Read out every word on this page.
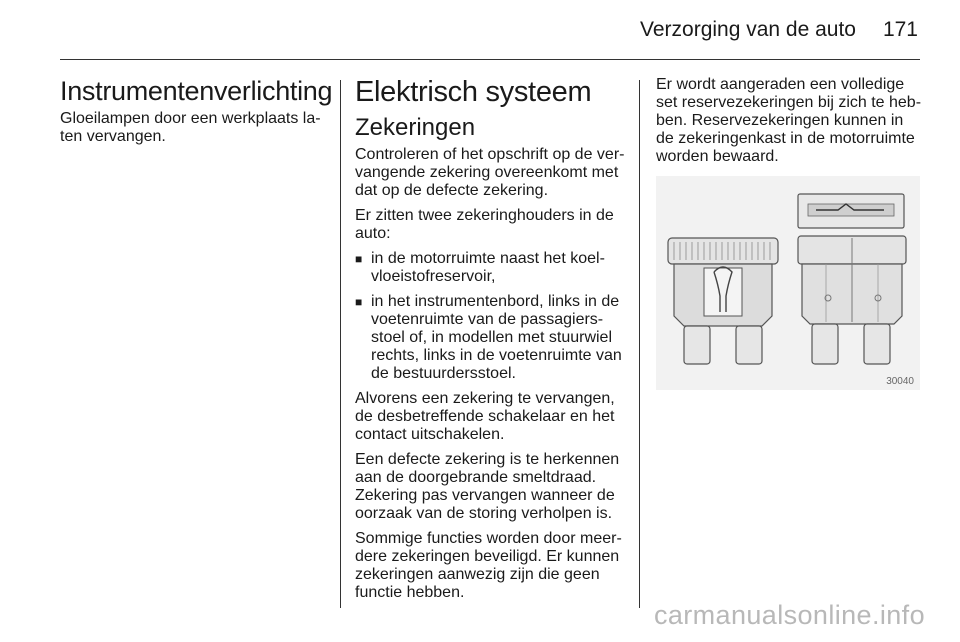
Verzorging van de auto	171
Instrumentenverlichting

Gloeilampen door een werkplaats la- ten vervangen.

Elektrisch systeem
Zekeringen

Controleren of het opschrift op de ver- vangende zekering overeenkomt met dat op de defecte zekering.

Er zitten twee zekeringhouders in de auto:

■ in de motorruimte naast het koel- vloeistofreservoir,
■ in het instrumentenbord, links in de voetenruimte van de passagiers- stoel of, in modellen met stuurwiel rechts, links in de voetenruimte van de bestuurdersstoel.

Alvorens een zekering te vervangen, de desbetreffende schakelaar en het contact uitschakelen.

Een defecte zekering is te herkennen aan de doorgebrande smeltdraad. Zekering pas vervangen wanneer de oorzaak van de storing verholpen is.

Sommige functies worden door meer- dere zekeringen beveiligd. Er kunnen zekeringen aanwezig zijn die geen functie hebben.

Er wordt aangeraden een volledige set reservezekeringen bij zich te heb- ben. Reservezekeringen kunnen in de zekeringenkast in de motorruimte worden bewaard.

30040
carmanualsonline.info
